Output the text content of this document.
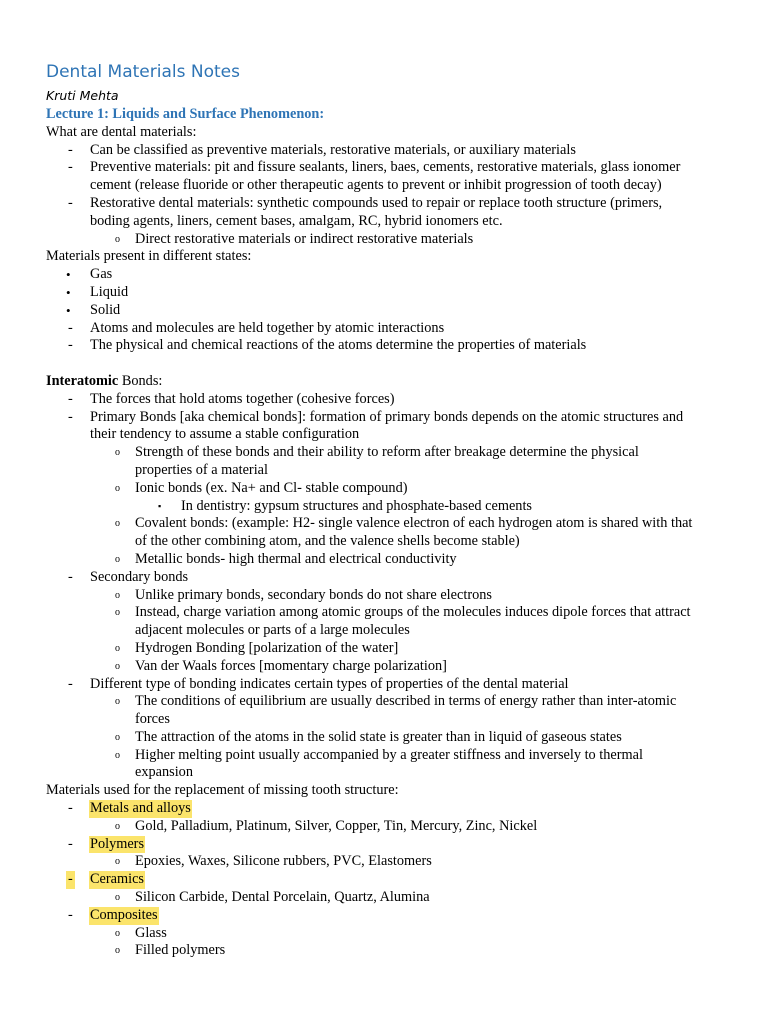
Dental Materials Notes
Kruti Mehta
Lecture 1: Liquids and Surface Phenomenon:
What are dental materials:
- Can be classified as preventive materials, restorative materials, or auxiliary materials
- Preventive materials: pit and fissure sealants, liners, baes, cements, restorative materials, glass ionomer
cement (release fluoride or other therapeutic agents to prevent or inhibit progression of tooth decay)
- Restorative dental materials: synthetic compounds used to repair or replace tooth structure (primers,
boding agents, liners, cement bases, amalgam, RC, hybrid ionomers etc.
o Direct restorative materials or indirect restorative materials
Materials present in different states:
• Gas
• Liquid
• Solid
- Atoms and molecules are held together by atomic interactions
- The physical and chemical reactions of the atoms determine the properties of materials
Interatomic Bonds:
- The forces that hold atoms together (cohesive forces)
- Primary Bonds [aka chemical bonds]: formation of primary bonds depends on the atomic structures and
their tendency to assume a stable configuration
o Strength of these bonds and their ability to reform after breakage determine the physical
properties of a material
o Ionic bonds (ex. Na+ and Cl- stable compound)
▪ In dentistry: gypsum structures and phosphate-based cements
o Covalent bonds: (example: H2- single valence electron of each hydrogen atom is shared with that
of the other combining atom, and the valence shells become stable)
o Metallic bonds- high thermal and electrical conductivity
- Secondary bonds
o Unlike primary bonds, secondary bonds do not share electrons
o Instead, charge variation among atomic groups of the molecules induces dipole forces that attract
adjacent molecules or parts of a large molecules
o Hydrogen Bonding [polarization of the water]
o Van der Waals forces [momentary charge polarization]
- Different type of bonding indicates certain types of properties of the dental material
o The conditions of equilibrium are usually described in terms of energy rather than inter-atomic
forces
o The attraction of the atoms in the solid state is greater than in liquid of gaseous states
o Higher melting point usually accompanied by a greater stiffness and inversely to thermal
expansion
Materials used for the replacement of missing tooth structure:
- Metals and alloys
o Gold, Palladium, Platinum, Silver, Copper, Tin, Mercury, Zinc, Nickel
- Polymers
o Epoxies, Waxes, Silicone rubbers, PVC, Elastomers
- Ceramics
o Silicon Carbide, Dental Porcelain, Quartz, Alumina
- Composites
o Glass
o Filled polymers
